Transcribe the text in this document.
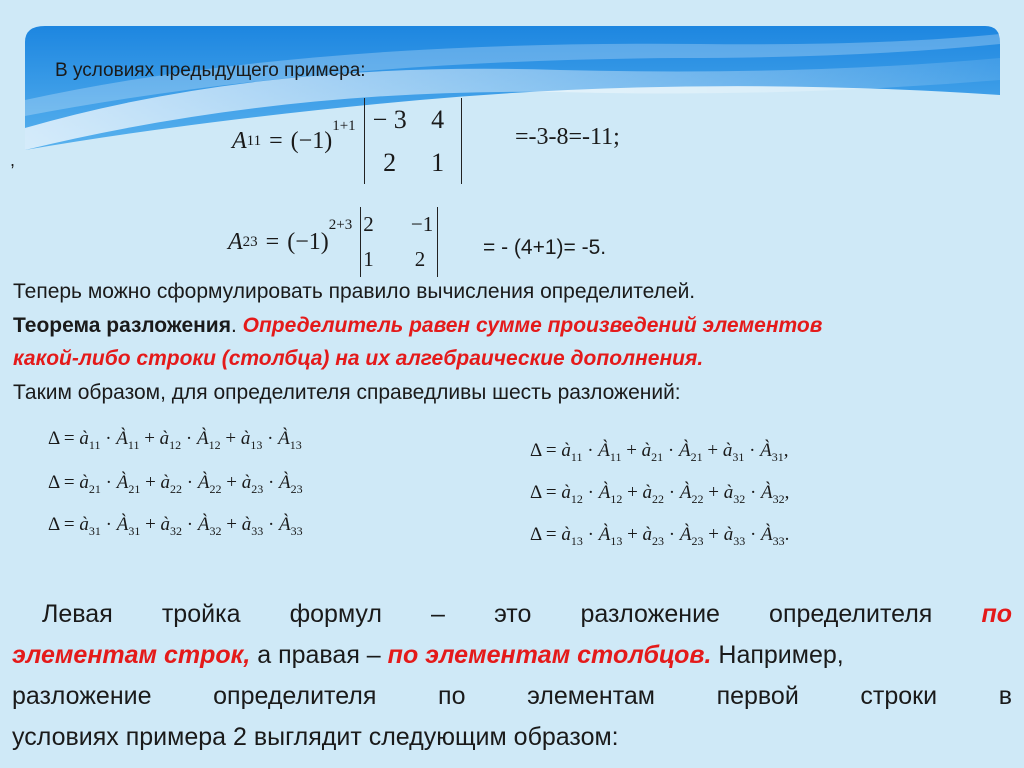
В условиях предыдущего примера:
,
A 11 = (−1)
$^{1+1}$ − 3	4
2	1
=-3-8=-11;
A 23 = (−1)
$^{2+3}$ 2	−1
1	2	= - (4+1)= -5.
Теперь можно сформулировать правило вычисления определителей.
Теорема разложения. Определитель равен сумме произведений элементов
какой-либо строки (столбца) на их алгебраические дополнения.
Таким образом, для определителя справедливы шесть разложений:
$\Delta = à_{11}$ · $À_{11}$ + $à_{12}$ · $À_{12}$ + $à_{13}$ · $À_{13}$
$\Delta = à_{21}$ · $À_{21}$ + $à_{22}$ · $À_{22}$ + $à_{23}$ · $À_{23}$
$\Delta = à_{31}$ · $À_{31}$ + $à_{32}$ · $À_{32}$ + $à_{33}$ · $À_{33}$
$\Delta = à_{11}$ · $À_{11}$ + $à_{21}$ · $À_{21}$ + $à_{31}$ · $À_{31}$,
$\Delta = à_{12}$ · $À_{12}$ + $à_{22}$ · $À_{22}$ + $à_{32}$ · $À_{32}$,
$\Delta = à_{13}$ · $À_{13}$ + $à_{23}$ · $À_{23}$ + $à_{33}$ · $À_{33}$.
Левая тройка формул – это разложение определителя по
элементам строк, а правая – по элементам столбцов. Например,
разложение определителя по элементам первой строки в
условиях примера 2 выглядит следующим образом:
